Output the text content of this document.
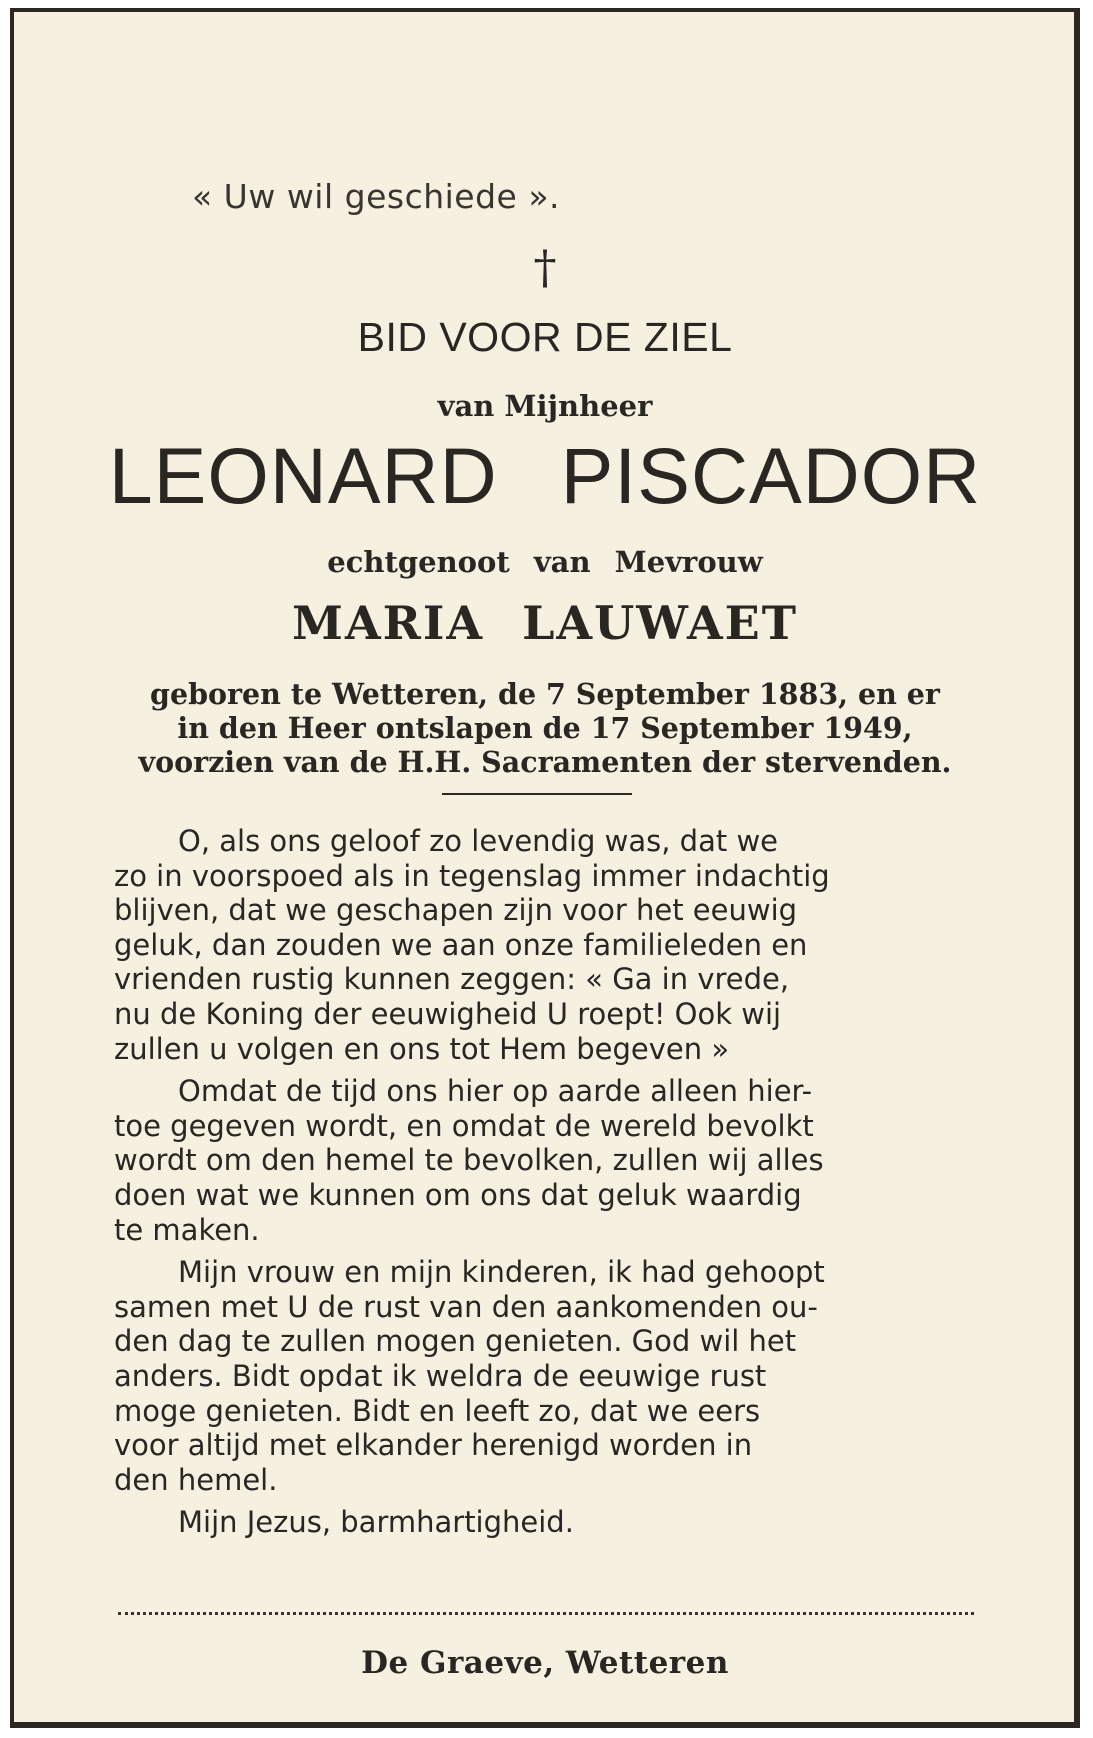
« Uw wil geschiede ».

†

BID VOOR DE ZIEL

van Mijnheer

LEONARD PISCADOR

echtgenoot van Mevrouw

MARIA LAUWAET

geboren te Wetteren, de 7 September 1883, en er
in den Heer ontslapen de 17 September 1949,
voorzien van de H.H. Sacramenten der stervenden.
O, als ons geloof zo levendig was, dat we
zo in voorspoed als in tegenslag immer indachtig
blijven, dat we geschapen zijn voor het eeuwig
geluk, dan zouden we aan onze familieleden en
vrienden rustig kunnen zeggen: « Ga in vrede,
nu de Koning der eeuwigheid U roept! Ook wij
zullen u volgen en ons tot Hem begeven »
Omdat de tijd ons hier op aarde alleen hier-
toe gegeven wordt, en omdat de wereld bevolkt
wordt om den hemel te bevolken, zullen wij alles
doen wat we kunnen om ons dat geluk waardig
te maken.
Mijn vrouw en mijn kinderen, ik had gehoopt
samen met U de rust van den aankomenden ou-
den dag te zullen mogen genieten. God wil het
anders. Bidt opdat ik weldra de eeuwige rust
moge genieten. Bidt en leeft zo, dat we eers
voor altijd met elkander herenigd worden in
den hemel.
Mijn Jezus, barmhartigheid.

De Graeve, Wetteren
